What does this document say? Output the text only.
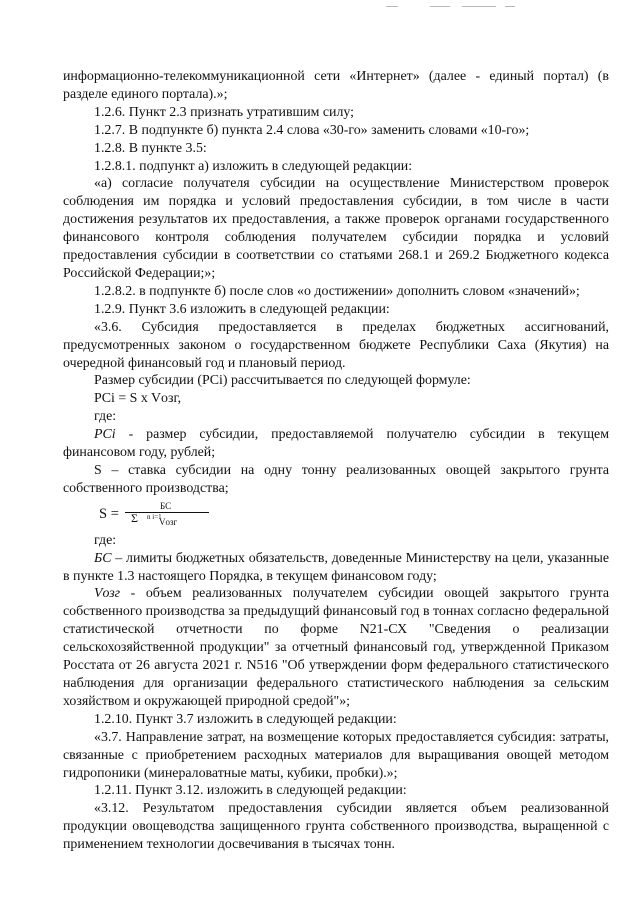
информационно-телекоммуникационной сети «Интернет» (далее - единый портал) (в разделе единого портала).»;

1.2.6. Пункт 2.3 признать утратившим силу;

1.2.7. В подпункте б) пункта 2.4 слова «30-го» заменить словами «10-го»;

1.2.8. В пункте 3.5:

1.2.8.1. подпункт а) изложить в следующей редакции:

«а) согласие получателя субсидии на осуществление Министерством проверок соблюдения им порядка и условий предоставления субсидии, в том числе в части достижения результатов их предоставления, а также проверок органами государственного финансового контроля соблюдения получателем субсидии порядка и условий предоставления субсидии в соответствии со статьями 268.1 и 269.2 Бюджетного кодекса Российской Федерации;»;

1.2.8.2. в подпункте б) после слов «о достижении» дополнить словом «значений»;

1.2.9. Пункт 3.6 изложить в следующей редакции:

«3.6. Субсидия предоставляется в пределах бюджетных ассигнований, предусмотренных законом о государственном бюджете Республики Саха (Якутия) на очередной финансовый год и плановый период.

Размер субсидии (PCi) рассчитывается по следующей формуле:

PCi = S x Vозг,

где:

PCi - размер субсидии, предоставляемой получателю субсидии в текущем финансовом году, рублей;

S – ставка субсидии на одну тонну реализованных овощей закрытого грунта собственного производства;

S =	БС
Σ n i=1
Vозг

где:

БС – лимиты бюджетных обязательств, доведенные Министерству на цели, указанные в пункте 1.3 настоящего Порядка, в текущем финансовом году;

Vозг - объем реализованных получателем субсидии овощей закрытого грунта собственного производства за предыдущий финансовый год в тоннах согласно федеральной статистической отчетности по форме N21-СХ "Сведения о реализации сельскохозяйственной продукции" за отчетный финансовый год, утвержденной Приказом Росстата от 26 августа 2021 г. N516 "Об утверждении форм федерального статистического наблюдения для организации федерального статистического наблюдения за сельским хозяйством и окружающей природной средой"»;

1.2.10. Пункт 3.7 изложить в следующей редакции:

«3.7. Направление затрат, на возмещение которых предоставляется субсидия: затраты, связанные с приобретением расходных материалов для выращивания овощей методом гидропоники (минераловатные маты, кубики, пробки).»;

1.2.11. Пункт 3.12. изложить в следующей редакции:

«3.12. Результатом предоставления субсидии является объем реализованной продукции овощеводства защищенного грунта собственного производства, выращенной с применением технологии досвечивания в тысячах тонн.
